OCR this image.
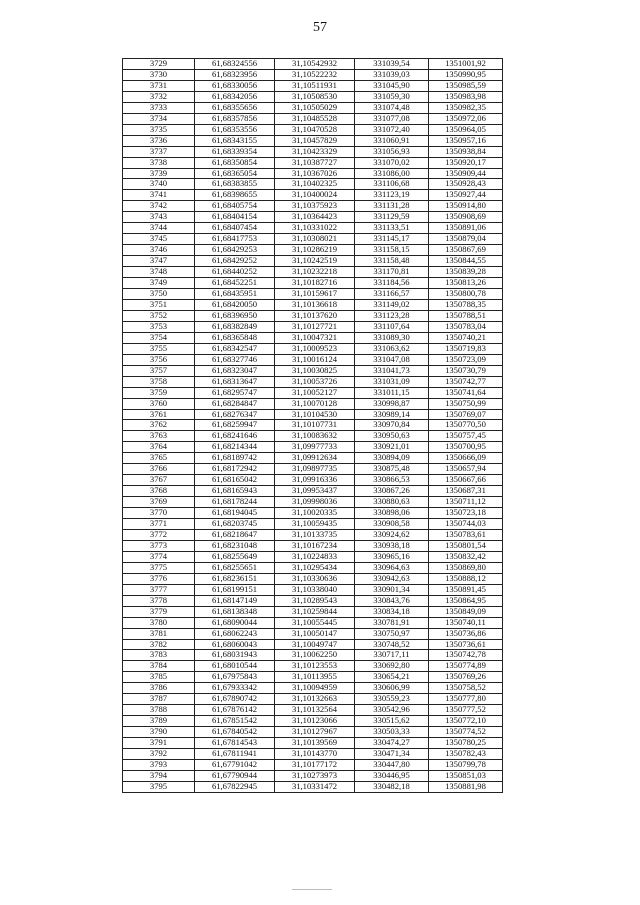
57
3729	61,68324556	31,10542932	331039,54	1351001,92
3730	61,68323956	31,10522232	331039,03	1350990,95
3731	61,68330056	31,10511931	331045,90	1350985,59
3732	61,68342056	31,10508530	331059,30	1350983,98
3733	61,68355656	31,10505029	331074,48	1350982,35
3734	61,68357856	31,10485528	331077,08	1350972,06
3735	61,68353556	31,10470528	331072,40	1350964,05
3736	61,68343155	31,10457829	331060,91	1350957,16
3737	61,68339354	31,10423329	331056,93	1350938,84
3738	61,68350854	31,10387727	331070,02	1350920,17
3739	61,68365054	31,10367026	331086,00	1350909,44
3740	61,68383855	31,10402325	331106,68	1350928,43
3741	61,68398655	31,10400024	331123,19	1350927,44
3742	61,68405754	31,10375923	331131,28	1350914,80
3743	61,68404154	31,10364423	331129,59	1350908,69
3744	61,68407454	31,10331022	331133,51	1350891,06
3745	61,68417753	31,10308021	331145,17	1350879,04
3746	61,68429253	31,10286219	331158,15	1350867,69
3747	61,68429252	31,10242519	331158,48	1350844,55
3748	61,68440252	31,10232218	331170,81	1350839,28
3749	61,68452251	31,10182716	331184,56	1350813,26
3750	61,68435951	31,10159617	331166,57	1350800,78
3751	61,68420050	31,10136618	331149,02	1350788,35
3752	61,68396950	31,10137620	331123,28	1350788,51
3753	61,68382849	31,10127721	331107,64	1350783,04
3754	61,68365848	31,10047321	331089,30	1350740,21
3755	61,68342547	31,10009523	331063,62	1350719,83
3756	61,68327746	31,10016124	331047,08	1350723,09
3757	61,68323047	31,10030825	331041,73	1350730,79
3758	61,68313647	31,10053726	331031,09	1350742,77
3759	61,68295747	31,10052127	331011,15	1350741,64
3760	61,68284847	31,10070128	330998,87	1350750,99
3761	61,68276347	31,10104530	330989,14	1350769,07
3762	61,68259947	31,10107731	330970,84	1350770,50
3763	61,68241646	31,10083632	330950,63	1350757,45
3764	61,68214344	31,09977733	330921,01	1350700,95
3765	61,68189742	31,09912634	330894,09	1350666,09
3766	61,68172942	31,09897735	330875,48	1350657,94
3767	61,68165042	31,09916336	330866,53	1350667,66
3768	61,68165943	31,09953437	330867,26	1350687,31
3769	61,68178244	31,09998036	330880,63	1350711,12
3770	61,68194045	31,10020335	330898,06	1350723,18
3771	61,68203745	31,10059435	330908,58	1350744,03
3772	61,68218647	31,10133735	330924,62	1350783,61
3773	61,68231048	31,10167234	330938,18	1350801,54
3774	61,68255649	31,10224833	330965,16	1350832,42
3775	61,68255651	31,10295434	330964,63	1350869,80
3776	61,68236151	31,10330636	330942,63	1350888,12
3777	61,68199151	31,10338040	330901,34	1350891,45
3778	61,68147149	31,10289543	330843,76	1350864,95
3779	61,68138348	31,10259844	330834,18	1350849,09
3780	61,68090044	31,10055445	330781,91	1350740,11
3781	61,68062243	31,10050147	330750,97	1350736,86
3782	61,68060043	31,10049747	330748,52	1350736,61
3783	61,68031943	31,10062250	330717,11	1350742,78
3784	61,68010544	31,10123553	330692,80	1350774,89
3785	61,67975843	31,10113955	330654,21	1350769,26
3786	61,67933342	31,10094959	330606,99	1350758,52
3787	61,67890742	31,10132663	330559,23	1350777,80
3788	61,67876142	31,10132564	330542,96	1350777,52
3789	61,67851542	31,10123066	330515,62	1350772,10
3790	61,67840542	31,10127967	330503,33	1350774,52
3791	61,67814543	31,10139569	330474,27	1350780,25
3792	61,67811941	31,10143770	330471,34	1350782,43
3793	61,67791042	31,10177172	330447,80	1350799,78
3794	61,67790944	31,10273973	330446,95	1350851,03
3795	61,67822945	31,10331472	330482,18	1350881,98
